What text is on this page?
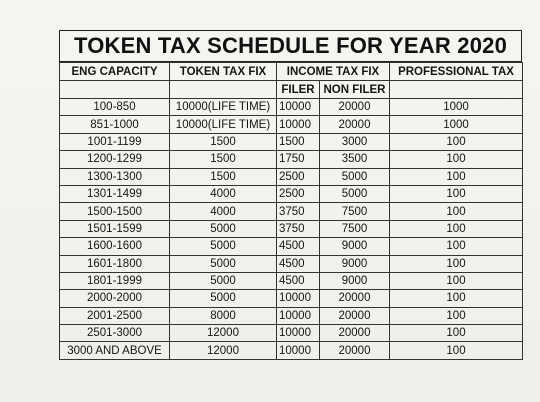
TOKEN TAX SCHEDULE FOR YEAR 2020
ENG CAPACITY	TOKEN TAX FIX	INCOME TAX FIX		PROFESSIONAL TAX
		FILER	NON FILER	
100-850	10000(LIFE TIME)	10000	20000	1000
851-1000	10000(LIFE TIME)	10000	20000	1000
1001-1199	1500	1500	3000	100
1200-1299	1500	1750	3500	100
1300-1300	1500	2500	5000	100
1301-1499	4000	2500	5000	100
1500-1500	4000	3750	7500	100
1501-1599	5000	3750	7500	100
1600-1600	5000	4500	9000	100
1601-1800	5000	4500	9000	100
1801-1999	5000	4500	9000	100
2000-2000	5000	10000	20000	100
2001-2500	8000	10000	20000	100
2501-3000	12000	10000	20000	100
3000 AND ABOVE	12000	10000	20000	100
